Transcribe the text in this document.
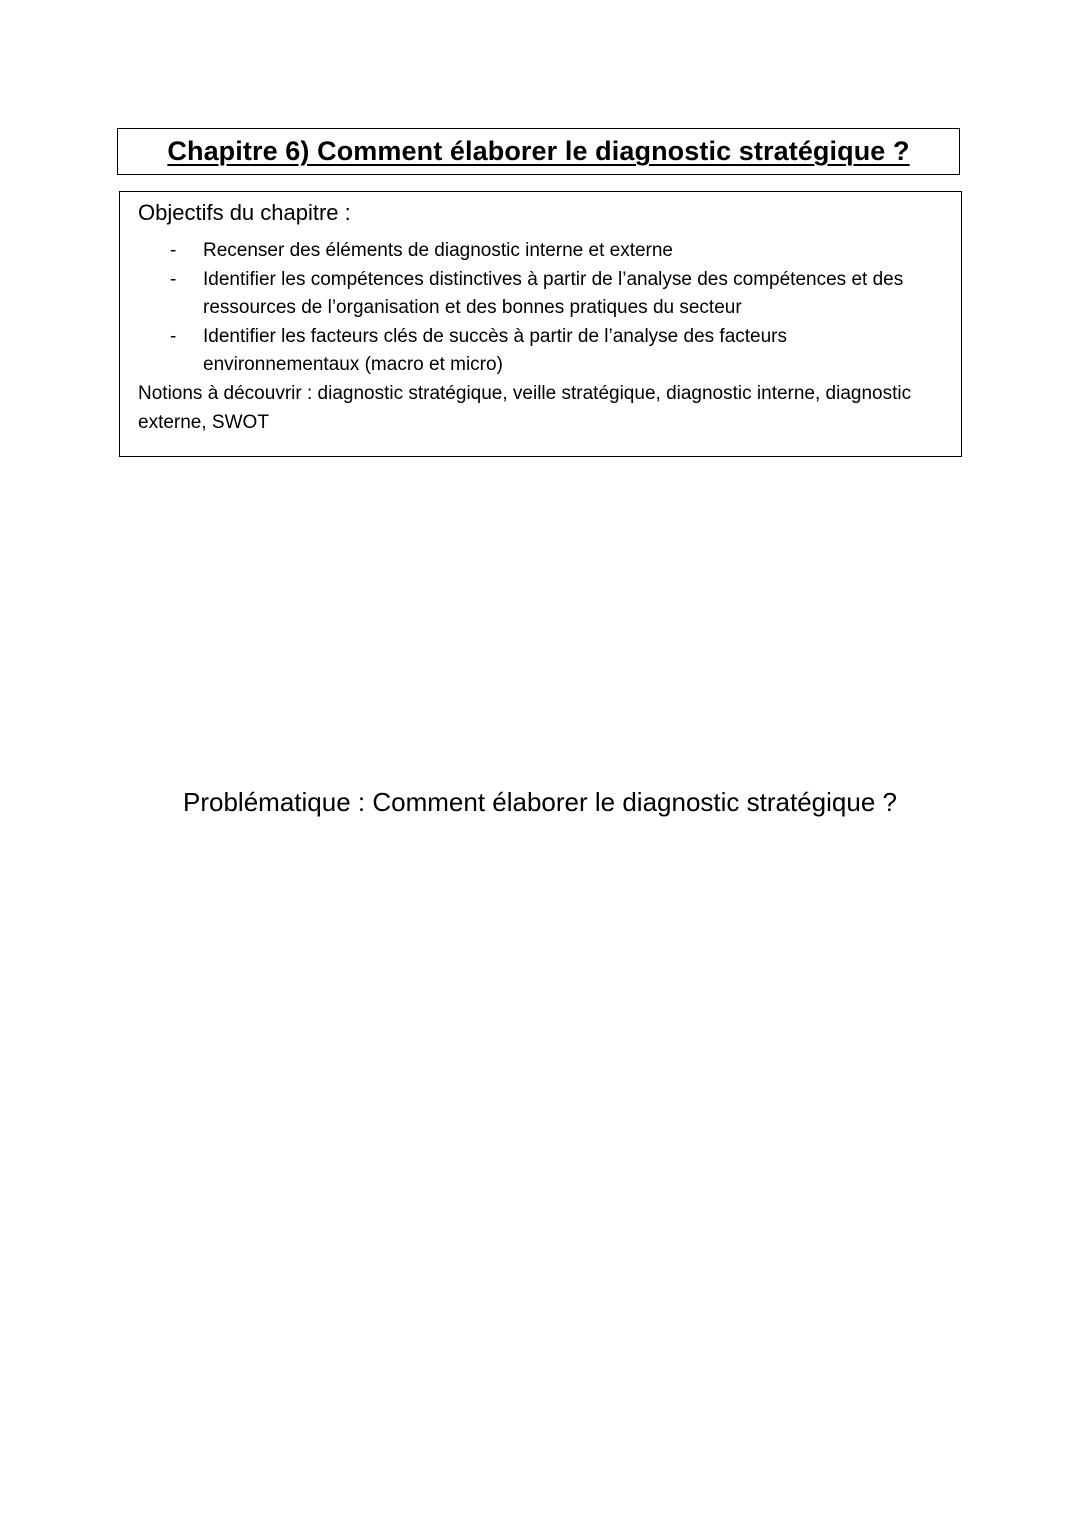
Chapitre 6) Comment élaborer le diagnostic stratégique ?

Objectifs du chapitre :

- Recenser des éléments de diagnostic interne et externe
- Identifier les compétences distinctives à partir de l’analyse des compétences et des ressources de l’organisation et des bonnes pratiques du secteur
- Identifier les facteurs clés de succès à partir de l’analyse des facteurs environnementaux (macro et micro)

Notions à découvrir : diagnostic stratégique, veille stratégique, diagnostic interne, diagnostic externe, SWOT

Problématique : Comment élaborer le diagnostic stratégique ?
